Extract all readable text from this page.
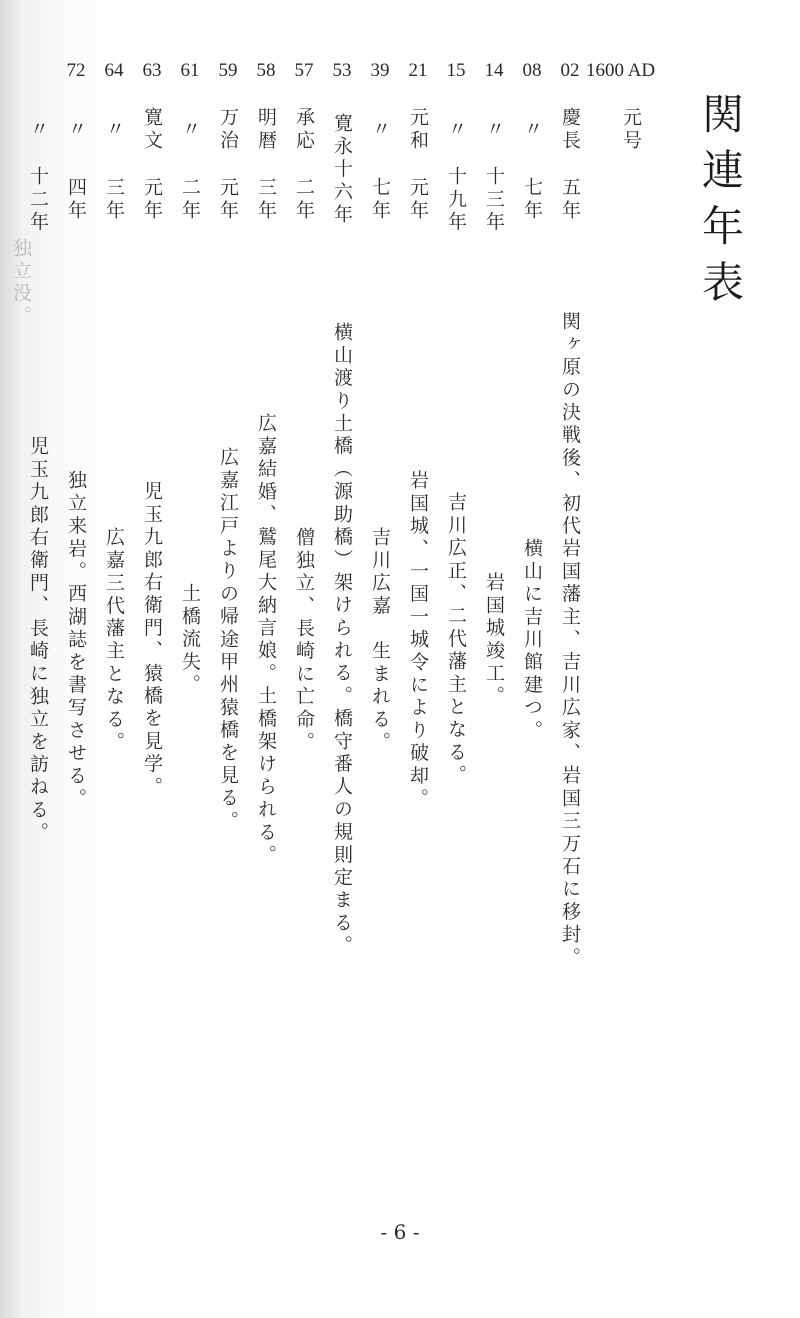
関連年表
1600 AD
元号
02
慶長
五年
関ヶ原の決戦後、初代岩国藩主、吉川広家、岩国三万石に移封。
08
〃
七年
横山に吉川館建つ。
14
〃
十三年
岩国城竣工。
15
〃
十九年
吉川広正、二代藩主となる。
21
元和
元年
岩国城、一国一城令により破却。
39
〃
七年
吉川広嘉　生まれる。
53
寛永十六年
横山渡り土橋（源助橋）架けられる。橋守番人の規則定まる。
57
承応
二年
僧独立、長崎に亡命。
58
明暦
三年
広嘉結婚、鷲尾大納言娘。土橋架けられる。
59
万治
元年
広嘉江戸よりの帰途甲州猿橋を見る。
61
〃
二年
土橋流失。
63
寛文
元年
児玉九郎右衛門、猿橋を見学。
64
〃
三年
広嘉三代藩主となる。
72
〃
四年
独立来岩。西湖誌を書写させる。
〃
十二年
児玉九郎右衛門、長崎に独立を訪ねる。
独立没。
- 6 -
